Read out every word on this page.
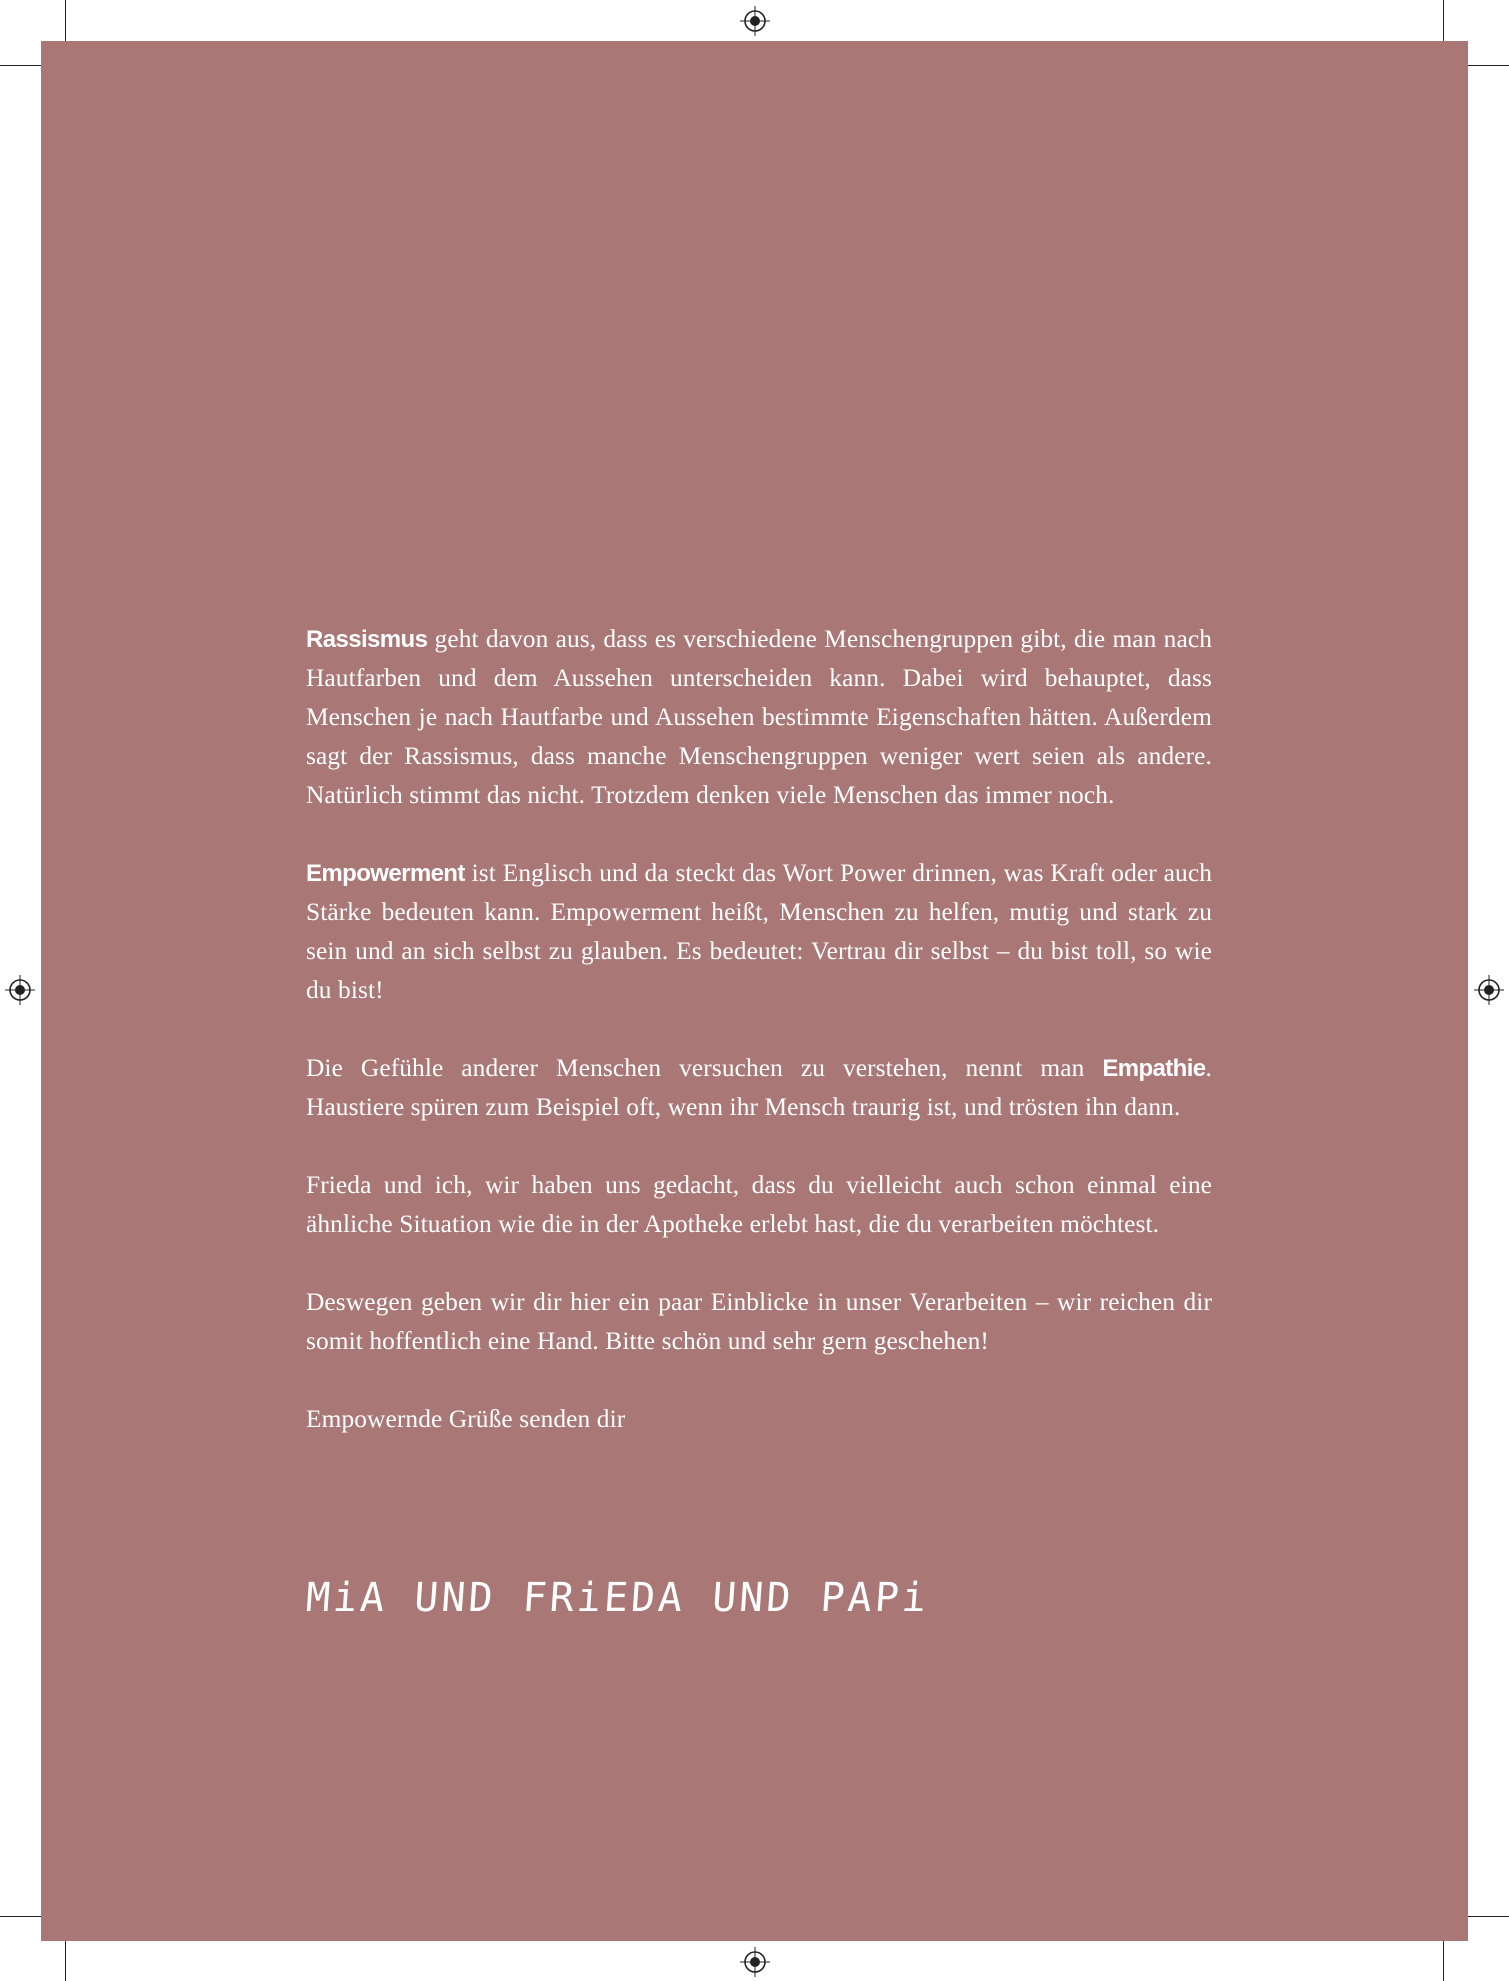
Rassismus geht davon aus, dass es verschiedene Menschengruppen gibt, die man nach Hautfarben und dem Aussehen unterscheiden kann. Dabei wird behauptet, dass Menschen je nach Hautfarbe und Aussehen bestimmte Eigenschaften hätten. Außerdem sagt der Rassismus, dass manche Menschengruppen weniger wert seien als andere. Natürlich stimmt das nicht. Trotzdem denken viele Menschen das immer noch.

Empowerment ist Englisch und da steckt das Wort Power drinnen, was Kraft oder auch Stärke bedeuten kann. Empowerment heißt, Menschen zu helfen, mutig und stark zu sein und an sich selbst zu glauben. Es bedeutet: Vertrau dir selbst – du bist toll, so wie du bist!

Die Gefühle anderer Menschen versuchen zu verstehen, nennt man Empathie. Haustiere spüren zum Beispiel oft, wenn ihr Mensch traurig ist, und trösten ihn dann.

Frieda und ich, wir haben uns gedacht, dass du vielleicht auch schon einmal eine ähnliche Situation wie die in der Apotheke erlebt hast, die du verarbeiten möchtest.

Deswegen geben wir dir hier ein paar Einblicke in unser Verarbeiten – wir reichen dir somit hoffentlich eine Hand. Bitte schön und sehr gern geschehen!

Empowernde Grüße senden dir

MiA UND FRiEDA UND PAPi
